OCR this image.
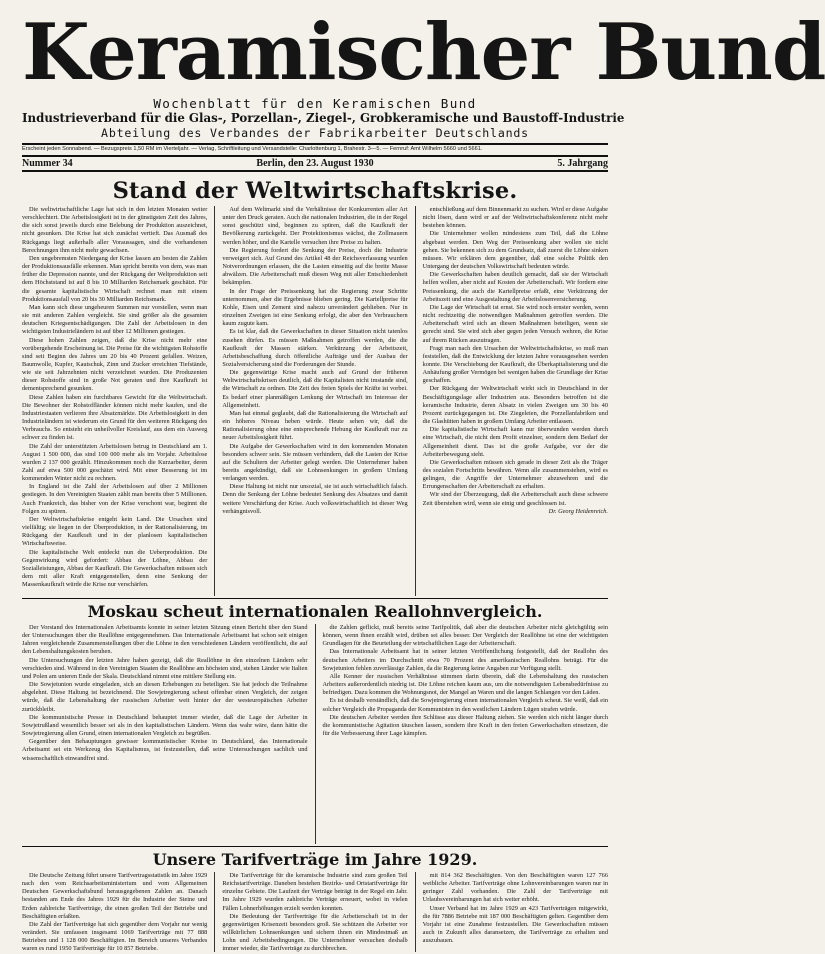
Keramischer Bund
Wochenblatt für den Keramischen Bund
Industrieverband für die Glas-, Porzellan-, Ziegel-, Grobkeramische und Baustoff-Industrie
Abteilung des Verbandes der Fabrikarbeiter Deutschlands
Erscheint jeden Sonnabend. — Bezugspreis 1,50 RM im Vierteljahr. — Verlag, Schriftleitung und Versandstelle: Charlottenburg 1, Brahestr. 3—5. — Fernruf: Amt Wilhelm 5660 und 5661.
Nummer 34	Berlin, den 23. August 1930	5. Jahrgang
Stand der Weltwirtschaftskrise.

Die weltwirtschaftliche Lage hat sich in den letzten Monaten weiter verschlechtert. Die Arbeitslosigkeit ist in der günstigsten Zeit des Jahres, die sich sonst jeweils durch eine Belebung der Produktion auszeichnet, nicht gesunken. Die Krise hat sich zunächst vertieft. Das Ausmaß des Rückgangs liegt außerhalb aller Voraussagen, sind die vorhandenen Berechnungen ihm nicht mehr gewachsen.

Den ungebremsten Niedergang der Krise lassen am besten die Zahlen der Produktionsausfälle erkennen. Man spricht bereits von dem, was man früher die Depression nannte, und der Rückgang der Weltproduktion seit dem Höchststand ist auf 8 bis 10 Milliarden Reichsmark geschätzt. Für die gesamte kapitalistische Wirtschaft rechnet man mit einem Produktionsausfall von 20 bis 30 Milliarden Reichsmark.

Man kann sich diese ungeheuren Summen nur vorstellen, wenn man sie mit anderen Zahlen vergleicht. Sie sind größer als die gesamten deutschen Kriegsentschädigungen. Die Zahl der Arbeitslosen in den wichtigsten Industrieländern ist auf über 12 Millionen gestiegen.

Diese hohen Zahlen zeigen, daß die Krise nicht mehr eine vorübergehende Erscheinung ist. Die Preise für die wichtigsten Rohstoffe sind seit Beginn des Jahres um 20 bis 40 Prozent gefallen. Weizen, Baumwolle, Kupfer, Kautschuk, Zinn und Zucker erreichten Tiefstände, wie sie seit Jahrzehnten nicht verzeichnet wurden. Die Produzenten dieser Rohstoffe sind in große Not geraten und ihre Kaufkraft ist dementsprechend gesunken.

Diese Zahlen haben ein furchtbares Gewicht für die Weltwirtschaft. Die Bewohner der Rohstoffländer können nicht mehr kaufen, und die Industriestaaten verlieren ihre Absatzmärkte. Die Arbeitslosigkeit in den Industrieländern ist wiederum ein Grund für den weiteren Rückgang des Verbrauchs. So entsteht ein unheilvoller Kreislauf, aus dem ein Ausweg schwer zu finden ist.

Die Zahl der unterstützten Arbeitslosen betrug in Deutschland am 1. August 1 500 000, das sind 100 000 mehr als im Vorjahr. Arbeitslose wurden 2 137 000 gezählt. Hinzukommen noch die Kurzarbeiter, deren Zahl auf etwa 500 000 geschätzt wird. Mit einer Besserung ist im kommenden Winter nicht zu rechnen.

In England ist die Zahl der Arbeitslosen auf über 2 Millionen gestiegen. In den Vereinigten Staaten zählt man bereits über 5 Millionen. Auch Frankreich, das bisher von der Krise verschont war, beginnt die Folgen zu spüren.

Der Weltwirtschaftskrise entgeht kein Land. Die Ursachen sind vielfältig; sie liegen in der Überproduktion, in der Rationalisierung, im Rückgang der Kaufkraft und in der planlosen kapitalistischen Wirtschaftsweise.

Die kapitalistische Welt entdeckt nun die Ueberproduktion. Die Gegenwirkung wird gefordert: Abbau der Löhne, Abbau der Sozialleistungen, Abbau der Kaufkraft. Die Gewerkschaften müssen sich dem mit aller Kraft entgegenstellen, denn eine Senkung der Massenkaufkraft würde die Krise nur verschärfen.

Auf dem Weltmarkt sind die Verhältnisse der Konkurrenten aller Art unter den Druck geraten. Auch die nationalen Industrien, die in der Regel sonst geschützt sind, beginnen zu spüren, daß die Kaufkraft der Bevölkerung zurückgeht. Der Protektionismus wächst, die Zollmauern werden höher, und die Kartelle versuchen ihre Preise zu halten.

Die Regierung fordert die Senkung der Preise, doch die Industrie verweigert sich. Auf Grund des Artikel 48 der Reichsverfassung wurden Notverordnungen erlassen, die die Lasten einseitig auf die breite Masse abwälzen. Die Arbeiterschaft muß diesen Weg mit aller Entschiedenheit bekämpfen.

In der Frage der Preissenkung hat die Regierung zwar Schritte unternommen, aber die Ergebnisse blieben gering. Die Kartellpreise für Kohle, Eisen und Zement sind nahezu unverändert geblieben. Nur in einzelnen Zweigen ist eine Senkung erfolgt, die aber den Verbrauchern kaum zugute kam.

Es ist klar, daß die Gewerkschaften in dieser Situation nicht tatenlos zusehen dürfen. Es müssen Maßnahmen getroffen werden, die die Kaufkraft der Massen stärken. Verkürzung der Arbeitszeit, Arbeitsbeschaffung durch öffentliche Aufträge und der Ausbau der Sozialversicherung sind die Forderungen der Stunde.

Die gegenwärtige Krise macht auch auf Grund der früheren Weltwirtschaftskrisen deutlich, daß die Kapitalisten nicht imstande sind, die Wirtschaft zu ordnen. Die Zeit des freien Spiels der Kräfte ist vorbei. Es bedarf einer planmäßigen Lenkung der Wirtschaft im Interesse der Allgemeinheit.

Man hat einmal geglaubt, daß die Rationalisierung die Wirtschaft auf ein höheres Niveau heben würde. Heute sehen wir, daß die Rationalisierung ohne eine entsprechende Hebung der Kaufkraft nur zu neuer Arbeitslosigkeit führt.

Die Aufgabe der Gewerkschaften wird in den kommenden Monaten besonders schwer sein. Sie müssen verhindern, daß die Lasten der Krise auf die Schultern der Arbeiter gelegt werden. Die Unternehmer haben bereits angekündigt, daß sie Lohnsenkungen in großem Umfang verlangen werden.

Diese Haltung ist nicht nur unsozial, sie ist auch wirtschaftlich falsch. Denn die Senkung der Löhne bedeutet Senkung des Absatzes und damit weitere Verschärfung der Krise. Auch volkswirtschaftlich ist dieser Weg verhängnisvoll.

entschließung auf dem Binnenmarkt zu suchen. Wird er diese Aufgabe nicht lösen, dann wird er auf der Weltwirtschaftskonferenz nicht mehr bestehen können.

Die Unternehmer wollen mindestens zum Teil, daß die Löhne abgebaut werden. Den Weg der Preissenkung aber wollen sie nicht gehen. Sie bekennen sich zu dem Grundsatz, daß zuerst die Löhne sinken müssen. Wir erklären dem gegenüber, daß eine solche Politik den Untergang der deutschen Volkswirtschaft bedeuten würde.

Die Gewerkschaften haben deutlich gemacht, daß sie der Wirtschaft helfen wollen, aber nicht auf Kosten der Arbeiterschaft. Wir fordern eine Preissenkung, die auch die Kartellpreise erfaßt, eine Verkürzung der Arbeitszeit und eine Ausgestaltung der Arbeitslosenversicherung.

Die Lage der Wirtschaft ist ernst. Sie wird noch ernster werden, wenn nicht rechtzeitig die notwendigen Maßnahmen getroffen werden. Die Arbeiterschaft wird sich an diesen Maßnahmen beteiligen, wenn sie gerecht sind. Sie wird sich aber gegen jeden Versuch wehren, die Krise auf ihrem Rücken auszutragen.

Fragt man nach den Ursachen der Weltwirtschaftskrise, so muß man feststellen, daß die Entwicklung der letzten Jahre vorausgesehen werden konnte. Die Verschiebung der Kaufkraft, die Überkapitalisierung und die Anhäufung großer Vermögen bei wenigen haben die Grundlage der Krise geschaffen.

Der Rückgang der Weltwirtschaft wirkt sich in Deutschland in der Beschäftigungslage aller Industrien aus. Besonders betroffen ist die keramische Industrie, deren Absatz in vielen Zweigen um 30 bis 40 Prozent zurückgegangen ist. Die Ziegeleien, die Porzellanfabriken und die Glashütten haben in großem Umfang Arbeiter entlassen.

Die kapitalistische Wirtschaft kann nur überwunden werden durch eine Wirtschaft, die nicht dem Profit einzelner, sondern dem Bedarf der Allgemeinheit dient. Das ist die große Aufgabe, vor der die Arbeiterbewegung steht.

Die Gewerkschaften müssen sich gerade in dieser Zeit als die Träger des sozialen Fortschritts bewähren. Wenn alle zusammenstehen, wird es gelingen, die Angriffe der Unternehmer abzuwehren und die Errungenschaften der Arbeiterschaft zu erhalten.

Wir sind der Überzeugung, daß die Arbeiterschaft auch diese schwere Zeit überstehen wird, wenn sie einig und geschlossen ist.

Dr. Georg Heidenreich.

Moskau scheut internationalen Reallohnvergleich.

Der Vorstand des Internationalen Arbeitsamts konnte in seiner letzten Sitzung einen Bericht über den Stand der Untersuchungen über die Reallöhne entgegennehmen. Das Internationale Arbeitsamt hat schon seit einigen Jahren vergleichende Zusammenstellungen über die Löhne in den verschiedenen Ländern veröffentlicht, die auf den Lebenshaltungskosten beruhen.

Die Untersuchungen der letzten Jahre haben gezeigt, daß die Reallöhne in den einzelnen Ländern sehr verschieden sind. Während in den Vereinigten Staaten die Reallöhne am höchsten sind, stehen Länder wie Italien und Polen am unteren Ende der Skala. Deutschland nimmt eine mittlere Stellung ein.

Die Sowjetunion wurde eingeladen, sich an diesen Erhebungen zu beteiligen. Sie hat jedoch die Teilnahme abgelehnt. Diese Haltung ist bezeichnend. Die Sowjetregierung scheut offenbar einen Vergleich, der zeigen würde, daß die Lebenshaltung der russischen Arbeiter weit hinter der der westeuropäischen Arbeiter zurückbleibt.

Die kommunistische Presse in Deutschland behauptet immer wieder, daß die Lage der Arbeiter in Sowjetrußland wesentlich besser sei als in den kapitalistischen Ländern. Wenn das wahr wäre, dann hätte die Sowjetregierung allen Grund, einen internationalen Vergleich zu begrüßen.

Gegenüber den Behauptungen gewisser kommunistischer Kreise in Deutschland, das Internationale Arbeitsamt sei ein Werkzeug des Kapitalismus, ist festzustellen, daß seine Untersuchungen sachlich und wissenschaftlich einwandfrei sind.

die Zahlen geflickt, muß bereits seine Tarifpolitik, daß aber die deutschen Arbeiter nicht gleichgültig sein können, wenn ihnen erzählt wird, drüben sei alles besser. Der Vergleich der Reallöhne ist eine der wichtigsten Grundlagen für die Beurteilung der wirtschaftlichen Lage der Arbeiterschaft.

Das Internationale Arbeitsamt hat in seiner letzten Veröffentlichung festgestellt, daß der Reallohn des deutschen Arbeiters im Durchschnitt etwa 70 Prozent des amerikanischen Reallohns beträgt. Für die Sowjetunion fehlen zuverlässige Zahlen, da die Regierung keine Angaben zur Verfügung stellt.

Alle Kenner der russischen Verhältnisse stimmen darin überein, daß die Lebenshaltung des russischen Arbeiters außerordentlich niedrig ist. Die Löhne reichen kaum aus, um die notwendigsten Lebensbedürfnisse zu befriedigen. Dazu kommen die Wohnungsnot, der Mangel an Waren und die langen Schlangen vor den Läden.

Es ist deshalb verständlich, daß die Sowjetregierung einen internationalen Vergleich scheut. Sie weiß, daß ein solcher Vergleich die Propaganda der Kommunisten in den westlichen Ländern Lügen strafen würde.

Die deutschen Arbeiter werden ihre Schlüsse aus dieser Haltung ziehen. Sie werden sich nicht länger durch die kommunistische Agitation täuschen lassen, sondern ihre Kraft in den freien Gewerkschaften einsetzen, die für die Verbesserung ihrer Lage kämpfen.

Unsere Tarifverträge im Jahre 1929.

Die Deutsche Zeitung führt unsere Tarifvertragsstatistik im Jahre 1929 nach den vom Reichsarbeitsministerium und vom Allgemeinen Deutschen Gewerkschaftsbund herausgegebenen Zahlen an. Danach bestanden am Ende des Jahres 1929 für die Industrie der Steine und Erden zahlreiche Tarifverträge, die einen großen Teil der Betriebe und Beschäftigten erfaßten.

Die Zahl der Tarifverträge hat sich gegenüber dem Vorjahr nur wenig verändert. Sie umfassen insgesamt 1069 Tarifverträge mit 77 888 Betrieben und 1 128 000 Beschäftigten. Im Bereich unseres Verbandes waren es rund 1950 Tarifverträge für 10 857 Betriebe.

Die Tarifverträge für die keramische Industrie sind zum großen Teil Reichstarifverträge. Daneben bestehen Bezirks- und Ortstarifverträge für einzelne Gebiete. Die Laufzeit der Verträge beträgt in der Regel ein Jahr. Im Jahre 1929 wurden zahlreiche Verträge erneuert, wobei in vielen Fällen Lohnerhöhungen erzielt werden konnten.

Die Bedeutung der Tarifverträge für die Arbeiterschaft ist in der gegenwärtigen Krisenzeit besonders groß. Sie schützen die Arbeiter vor willkürlichen Lohnsenkungen und sichern ihnen ein Mindestmaß an Lohn und Arbeitsbedingungen. Die Unternehmer versuchen deshalb immer wieder, die Tarifverträge zu durchbrechen.

mit 814 362 Beschäftigten. Von den Beschäftigten waren 127 766 weibliche Arbeiter. Tarifverträge ohne Lohnvereinbarungen waren nur in geringer Zahl vorhanden. Die Zahl der Tarifverträge mit Urlaubsvereinbarungen hat sich weiter erhöht.

Unser Verband hat im Jahre 1929 an 423 Tarifverträgen mitgewirkt, die für 7886 Betriebe mit 187 000 Beschäftigten gelten. Gegenüber dem Vorjahr ist eine Zunahme festzustellen. Die Gewerkschaften müssen auch in Zukunft alles daransetzen, die Tarifverträge zu erhalten und auszubauen.
